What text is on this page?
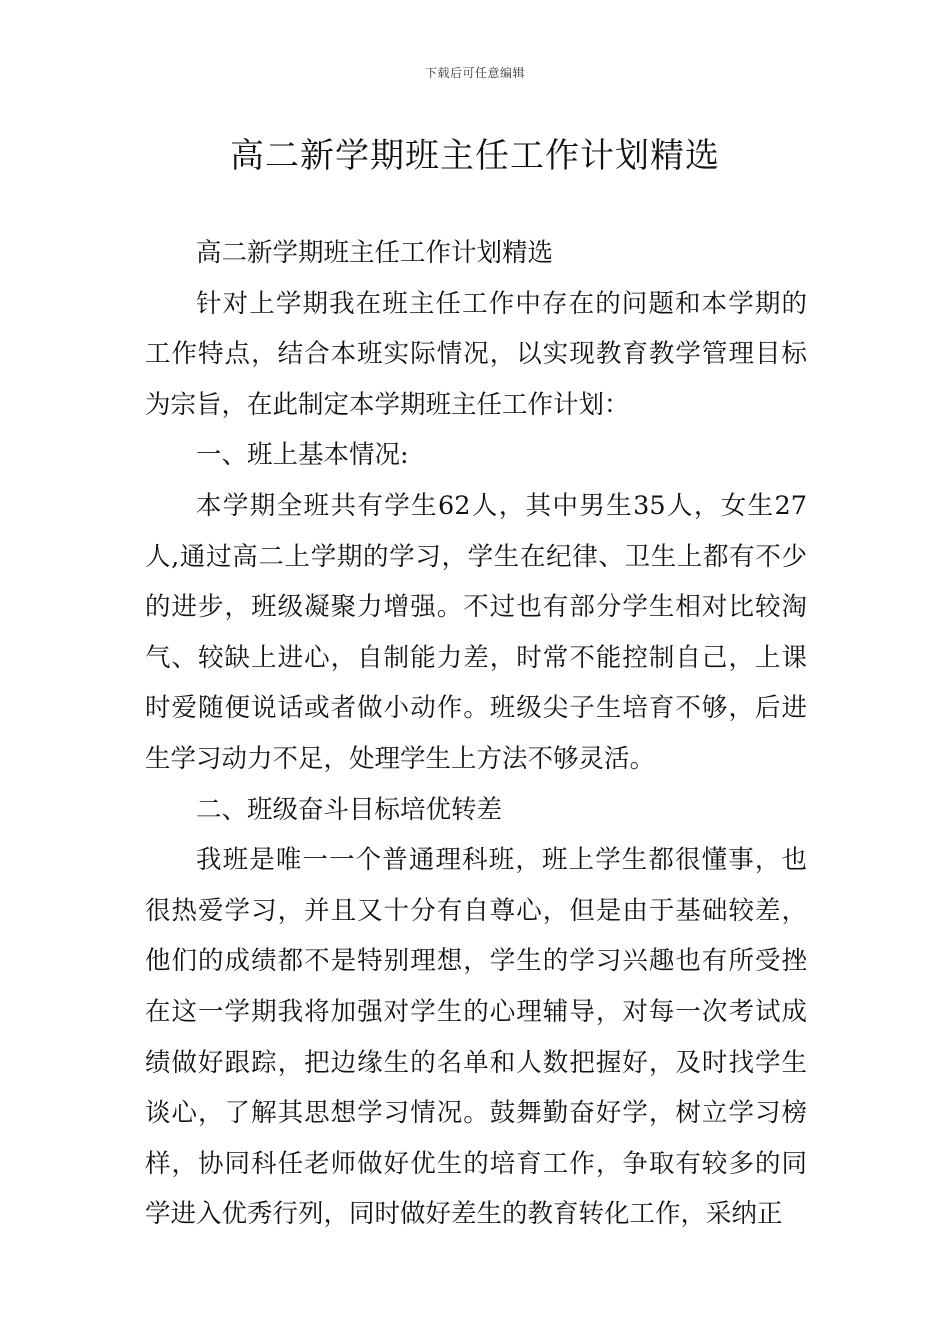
下载后可任意编辑
高二新学期班主任工作计划精选

高二新学期班主任工作计划精选

针对上学期我在班主任工作中存在的问题和本学期的工作特点，结合本班实际情况，以实现教育教学管理目标为宗旨，在此制定本学期班主任工作计划：

一、班上基本情况:

本学期全班共有学生62人，其中男生35人，女生27人,通过高二上学期的学习，学生在纪律、卫生上都有不少的进步，班级凝聚力增强。不过也有部分学生相对比较淘气、较缺上进心，自制能力差，时常不能控制自己，上课时爱随便说话或者做小动作。班级尖子生培育不够，后进生学习动力不足，处理学生上方法不够灵活。

二、班级奋斗目标培优转差

我班是唯一一个普通理科班，班上学生都很懂事，也很热爱学习，并且又十分有自尊心，但是由于基础较差，他们的成绩都不是特别理想，学生的学习兴趣也有所受挫在这一学期我将加强对学生的心理辅导，对每一次考试成绩做好跟踪，把边缘生的名单和人数把握好，及时找学生谈心，了解其思想学习情况。鼓舞勤奋好学，树立学习榜样，协同科任老师做好优生的培育工作，争取有较多的同学进入优秀行列，同时做好差生的教育转化工作，采纳正
